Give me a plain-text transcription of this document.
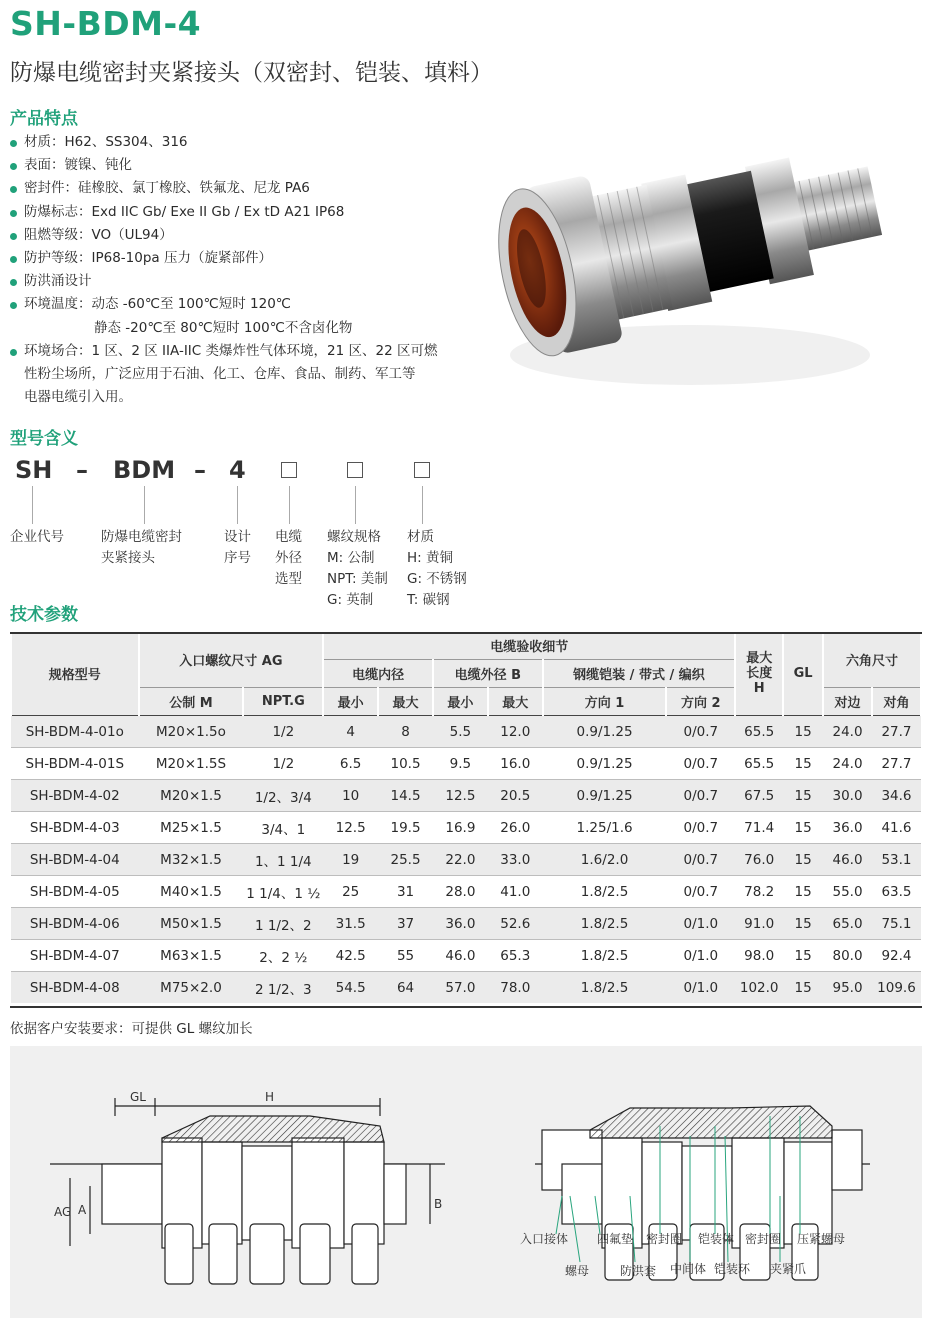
SH-BDM-4
防爆电缆密封夹紧接头（双密封、铠装、填料）
产品特点
材质：H62、SS304、316
表面：镀镍、钝化
密封件：硅橡胶、氯丁橡胶、铁氟龙、尼龙 PA6
防爆标志：Exd IIC Gb/ Exe II Gb / Ex tD A21 IP68
阻燃等级：VO（UL94）
防护等级：IP68-10pa 压力（旋紧部件）
防洪涌设计
环境温度：动态 -60℃至 100℃短时 120℃
静态 -20℃至 80℃短时 100℃不含卤化物
环境场合：1 区、2 区 IIA-IIC 类爆炸性气体环境，21 区、22 区可燃
性粉尘场所，广泛应用于石油、化工、仓库、食品、制药、军工等
电器电缆引入用。
型号含义
SH – BDM – 4
企业代号	防爆电缆密封
夹紧接头
设计
序号
电缆
外径
选型
螺纹规格
M: 公制
NPT: 美制
G: 英制
材质
H: 黄铜
G: 不锈钢
T: 碳钢
技术参数
规格型号	入口螺纹尺寸 AG		电缆验收细节						最大
长度
H	GL	六角尺寸	
			电缆内径		电缆外径 B		钢缆铠装 / 带式 / 编织					
	公制 M	NPT.G	最小	最大	最小	最大	方向 1	方向 2			对边	对角
SH-BDM-4-01o	M20×1.5o	1/2	4	8	5.5	12.0	0.9/1.25	0/0.7	65.5	15	24.0	27.7
SH-BDM-4-01S	M20×1.5S	1/2	6.5	10.5	9.5	16.0	0.9/1.25	0/0.7	65.5	15	24.0	27.7
SH-BDM-4-02	M20×1.5	1/2、3/4	10	14.5	12.5	20.5	0.9/1.25	0/0.7	67.5	15	30.0	34.6
SH-BDM-4-03	M25×1.5	3/4、1	12.5	19.5	16.9	26.0	1.25/1.6	0/0.7	71.4	15	36.0	41.6
SH-BDM-4-04	M32×1.5	1、1 1/4	19	25.5	22.0	33.0	1.6/2.0	0/0.7	76.0	15	46.0	53.1
SH-BDM-4-05	M40×1.5	1 1/4、1 ½	25	31	28.0	41.0	1.8/2.5	0/0.7	78.2	15	55.0	63.5
SH-BDM-4-06	M50×1.5	1 1/2、2	31.5	37	36.0	52.6	1.8/2.5	0/1.0	91.0	15	65.0	75.1
SH-BDM-4-07	M63×1.5	2、2 ½	42.5	55	46.0	65.3	1.8/2.5	0/1.0	98.0	15	80.0	92.4
SH-BDM-4-08	M75×2.0	2 1/2、3	54.5	64	57.0	78.0	1.8/2.5	0/1.0	102.0	15	95.0	109.6
依据客户安装要求：可提供 GL 螺纹加长
GL	H
AG A	B
入口接体 四氟垫 密封圈 铠装体 密封圈 压紧螺母
螺母	防洪套 中间体 铠装环 夹紧爪
